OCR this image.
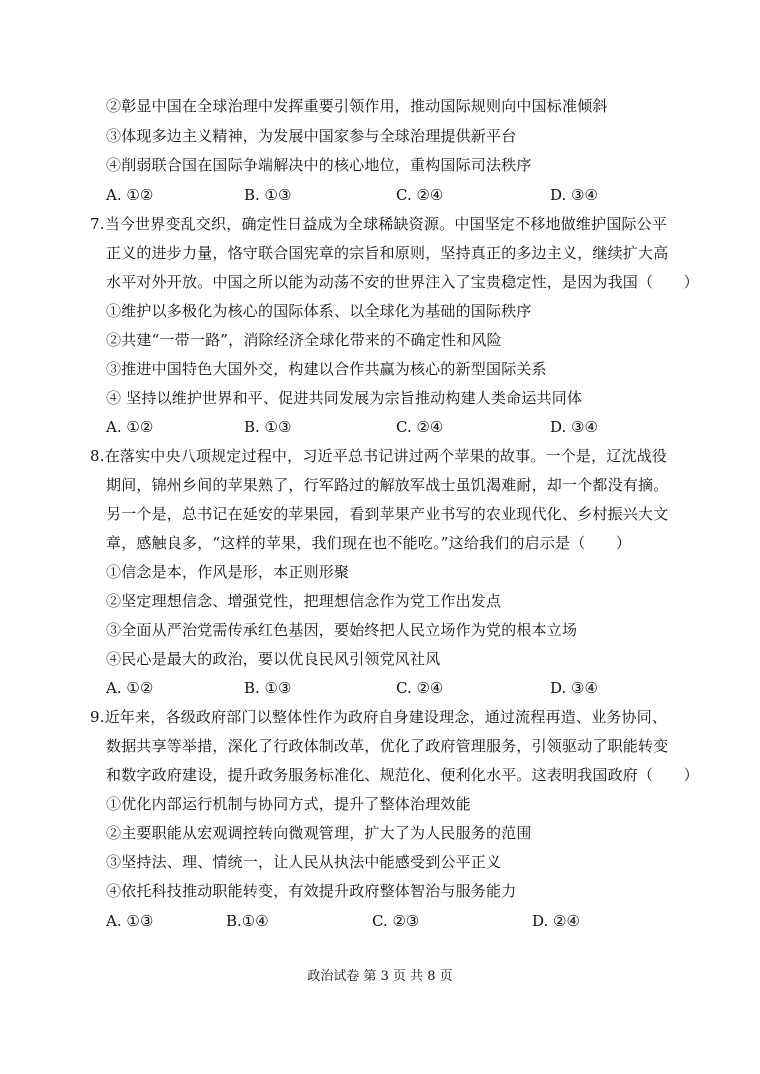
②彰显中国在全球治理中发挥重要引领作用，推动国际规则向中国标准倾斜
③体现多边主义精神，为发展中国家参与全球治理提供新平台
④削弱联合国在国际争端解决中的核心地位，重构国际司法秩序
A. ①②	B. ①③	C. ②④	D. ③④
7.当今世界变乱交织，确定性日益成为全球稀缺资源。中国坚定不移地做维护国际公平
正义的进步力量，恪守联合国宪章的宗旨和原则，坚持真正的多边主义，继续扩大高
水平对外开放。中国之所以能为动荡不安的世界注入了宝贵稳定性，是因为我国（　　）
①维护以多极化为核心的国际体系、以全球化为基础的国际秩序
②共建“一带一路”，消除经济全球化带来的不确定性和风险
③推进中国特色大国外交，构建以合作共赢为核心的新型国际关系
④ 坚持以维护世界和平、促进共同发展为宗旨推动构建人类命运共同体
A. ①②	B. ①③	C. ②④	D. ③④
8.在落实中央八项规定过程中，习近平总书记讲过两个苹果的故事。一个是，辽沈战役
期间，锦州乡间的苹果熟了，行军路过的解放军战士虽饥渴难耐，却一个都没有摘。
另一个是，总书记在延安的苹果园，看到苹果产业书写的农业现代化、乡村振兴大文
章，感触良多，“这样的苹果，我们现在也不能吃。”这给我们的启示是（　　）
①信念是本，作风是形，本正则形聚
②坚定理想信念、增强党性，把理想信念作为党工作出发点
③全面从严治党需传承红色基因，要始终把人民立场作为党的根本立场
④民心是最大的政治，要以优良民风引领党风社风
A. ①②	B. ①③	C. ②④	D. ③④
9.近年来，各级政府部门以整体性作为政府自身建设理念，通过流程再造、业务协同、
数据共享等举措，深化了行政体制改革，优化了政府管理服务，引领驱动了职能转变
和数字政府建设，提升政务服务标准化、规范化、便利化水平。这表明我国政府（　　）
①优化内部运行机制与协同方式，提升了整体治理效能
②主要职能从宏观调控转向微观管理，扩大了为人民服务的范围
③坚持法、理、情统一，让人民从执法中能感受到公平正义
④依托科技推动职能转变，有效提升政府整体智治与服务能力
A. ①③	B.①④	C. ②③	D. ②④
政治试卷 第 3 页 共 8 页
